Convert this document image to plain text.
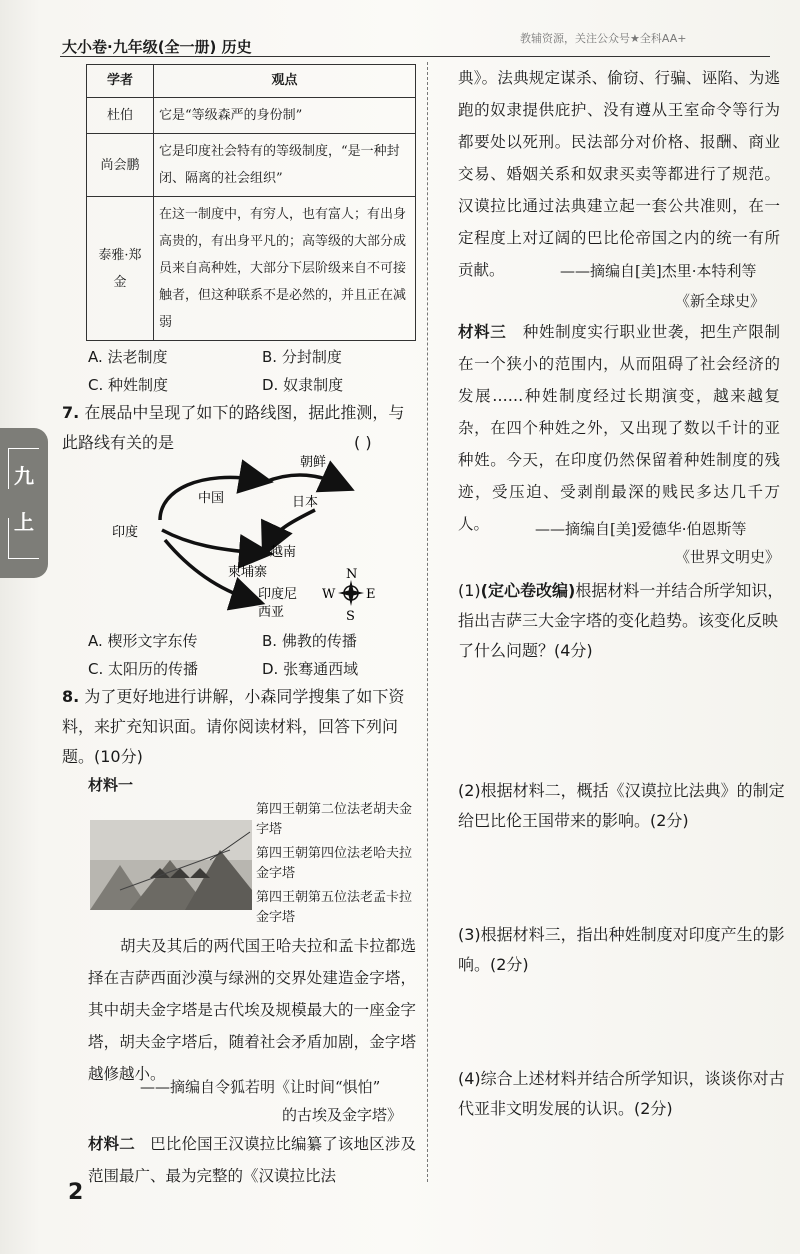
大小卷·九年级(全一册) 历史	教辅资源，关注公众号★全科AA+
九
上
学者	观点
杜伯	它是“等级森严的身份制”
尚会鹏	它是印度社会特有的等级制度，“是一种封闭、隔离的社会组织”
泰雅·郑金	在这一制度中，有穷人，也有富人；有出身高贵的，有出身平凡的；高等级的大部分成员来自高种姓，大部分下层阶级来自不可接触者，但这种联系不是必然的，并且正在减弱
A. 法老制度	B. 分封制度
C. 种姓制度	D. 奴隶制度
7. 在展品中呈现了如下的路线图，据此推测，与此路线有关的是	( )
朝鲜
中国	日本
印度
越南
柬埔寨
印度尼
西亚
N
S
W E
A. 楔形文字东传	B. 佛教的传播
C. 太阳历的传播	D. 张骞通西域
8. 为了更好地进行讲解，小森同学搜集了如下资料，来扩充知识面。请你阅读材料，回答下列问题。(10分)
材料一
第四王朝第二位法老胡夫金字塔
第四王朝第四位法老哈夫拉金字塔
第四王朝第五位法老孟卡拉金字塔
胡夫及其后的两代国王哈夫拉和孟卡拉都选择在吉萨西面沙漠与绿洲的交界处建造金字塔，其中胡夫金字塔是古代埃及规模最大的一座金字塔，胡夫金字塔后，随着社会矛盾加剧，金字塔越修越小。
——摘编自令狐若明《让时间“惧怕”
的古埃及金字塔》
材料二 巴比伦国王汉谟拉比编纂了该地区涉及范围最广、最为完整的《汉谟拉比法
典》。法典规定谋杀、偷窃、行骗、诬陷、为逃跑的奴隶提供庇护、没有遵从王室命令等行为都要处以死刑。民法部分对价格、报酬、商业交易、婚姻关系和奴隶买卖等都进行了规范。汉谟拉比通过法典建立起一套公共准则，在一定程度上对辽阔的巴比伦帝国之内的统一有所贡献。	——摘编自[美]杰里·本特利等
《新全球史》
材料三 种姓制度实行职业世袭，把生产限制在一个狭小的范围内，从而阻碍了社会经济的发展……种姓制度经过长期演变，越来越复杂，在四个种姓之外，又出现了数以千计的亚种姓。今天，在印度仍然保留着种姓制度的残迹，受压迫、受剥削最深的贱民多达几千万人。	——摘编自[美]爱德华·伯恩斯等
《世界文明史》
(1)(定心卷改编)根据材料一并结合所学知识，指出吉萨三大金字塔的变化趋势。该变化反映了什么问题？(4分)
(2)根据材料二，概括《汉谟拉比法典》的制定给巴比伦王国带来的影响。(2分)
(3)根据材料三，指出种姓制度对印度产生的影响。(2分)
(4)综合上述材料并结合所学知识，谈谈你对古代亚非文明发展的认识。(2分)
2
